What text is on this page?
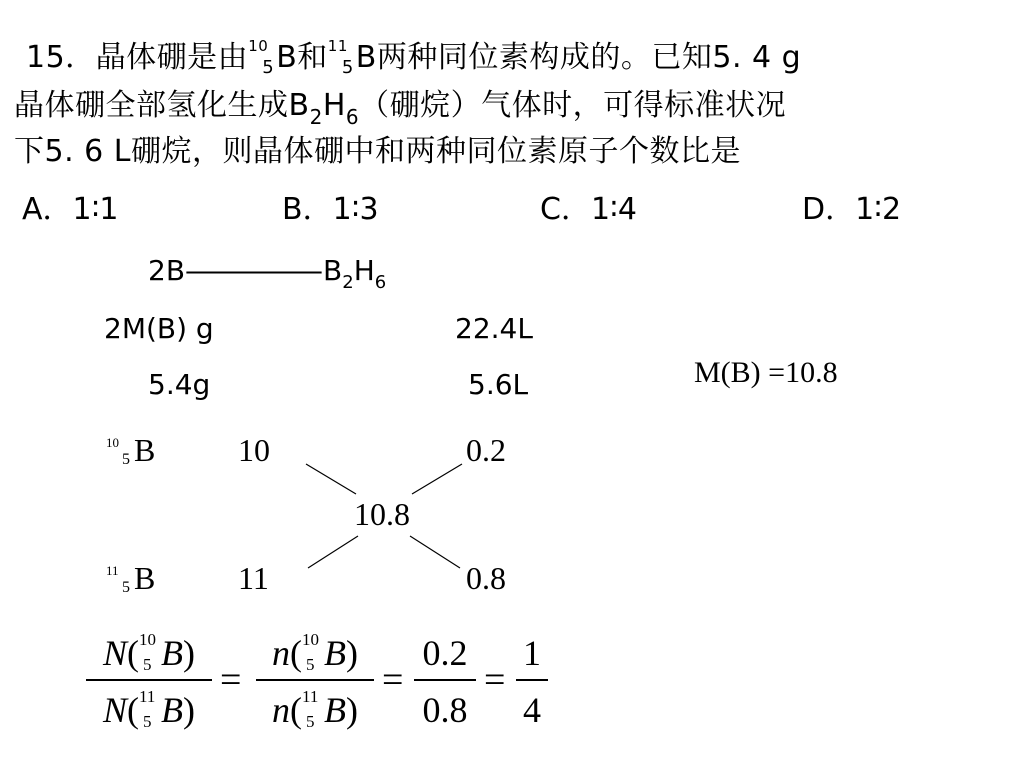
15．晶体硼是由 10
5 B和 11
5 B两种同位素构成的。已知5. 4 g
晶体硼全部氢化生成$B_2H_6$（硼烷）气体时，可得标准状况
下5. 6 L硼烷，则晶体硼中和两种同位素原子个数比是
A．1∶1	B．1∶3	C．1∶4	D．1∶2
2B—————— $B_2H_6$
2M(B) g	22.4L
5.4g	5.6L	M(B) =10.8
10
5 B	10	0.2
10.8
11
5 B	11	0.8
N( 10
5 B)
N( 11
5 B)
=
n( 10
5 B)
n( 11
5 B)
=
0.2
0.8
=
1
4
